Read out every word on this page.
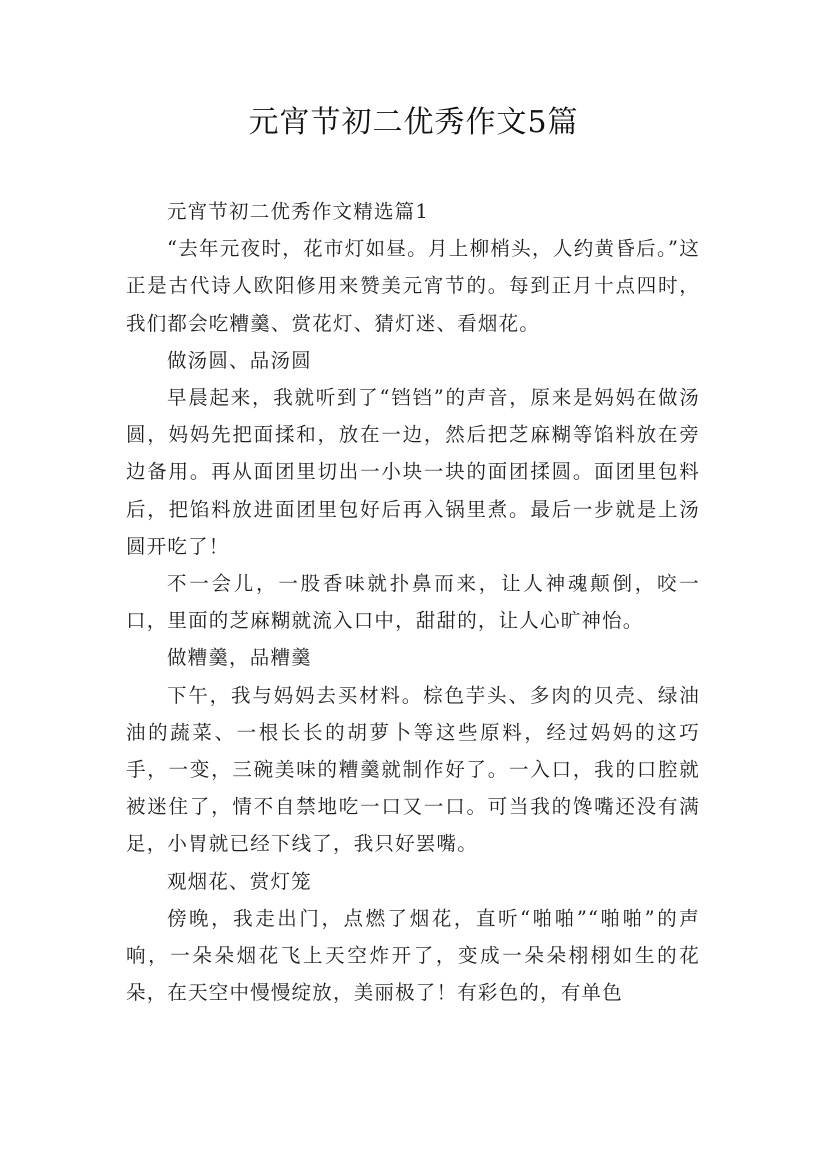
元宵节初二优秀作文5篇

元宵节初二优秀作文精选篇1

“去年元夜时，花市灯如昼。月上柳梢头，人约黄昏后。”这正是古代诗人欧阳修用来赞美元宵节的。每到正月十点四时，我们都会吃糟羹、赏花灯、猜灯迷、看烟花。

做汤圆、品汤圆

早晨起来，我就听到了“铛铛”的声音，原来是妈妈在做汤圆，妈妈先把面揉和，放在一边，然后把芝麻糊等馅料放在旁边备用。再从面团里切出一小块一块的面团揉圆。面团里包料后，把馅料放进面团里包好后再入锅里煮。最后一步就是上汤圆开吃了！

不一会儿，一股香味就扑鼻而来，让人神魂颠倒，咬一口，里面的芝麻糊就流入口中，甜甜的，让人心旷神怡。

做糟羹，品糟羹

下午，我与妈妈去买材料。棕色芋头、多肉的贝壳、绿油油的蔬菜、一根长长的胡萝卜等这些原料，经过妈妈的这巧手，一变，三碗美味的糟羹就制作好了。一入口，我的口腔就被迷住了，情不自禁地吃一口又一口。可当我的馋嘴还没有满足，小胃就已经下线了，我只好罢嘴。

观烟花、赏灯笼

傍晚，我走出门，点燃了烟花，直听“啪啪”“啪啪”的声响，一朵朵烟花飞上天空炸开了，变成一朵朵栩栩如生的花朵，在天空中慢慢绽放，美丽极了！有彩色的，有单色
